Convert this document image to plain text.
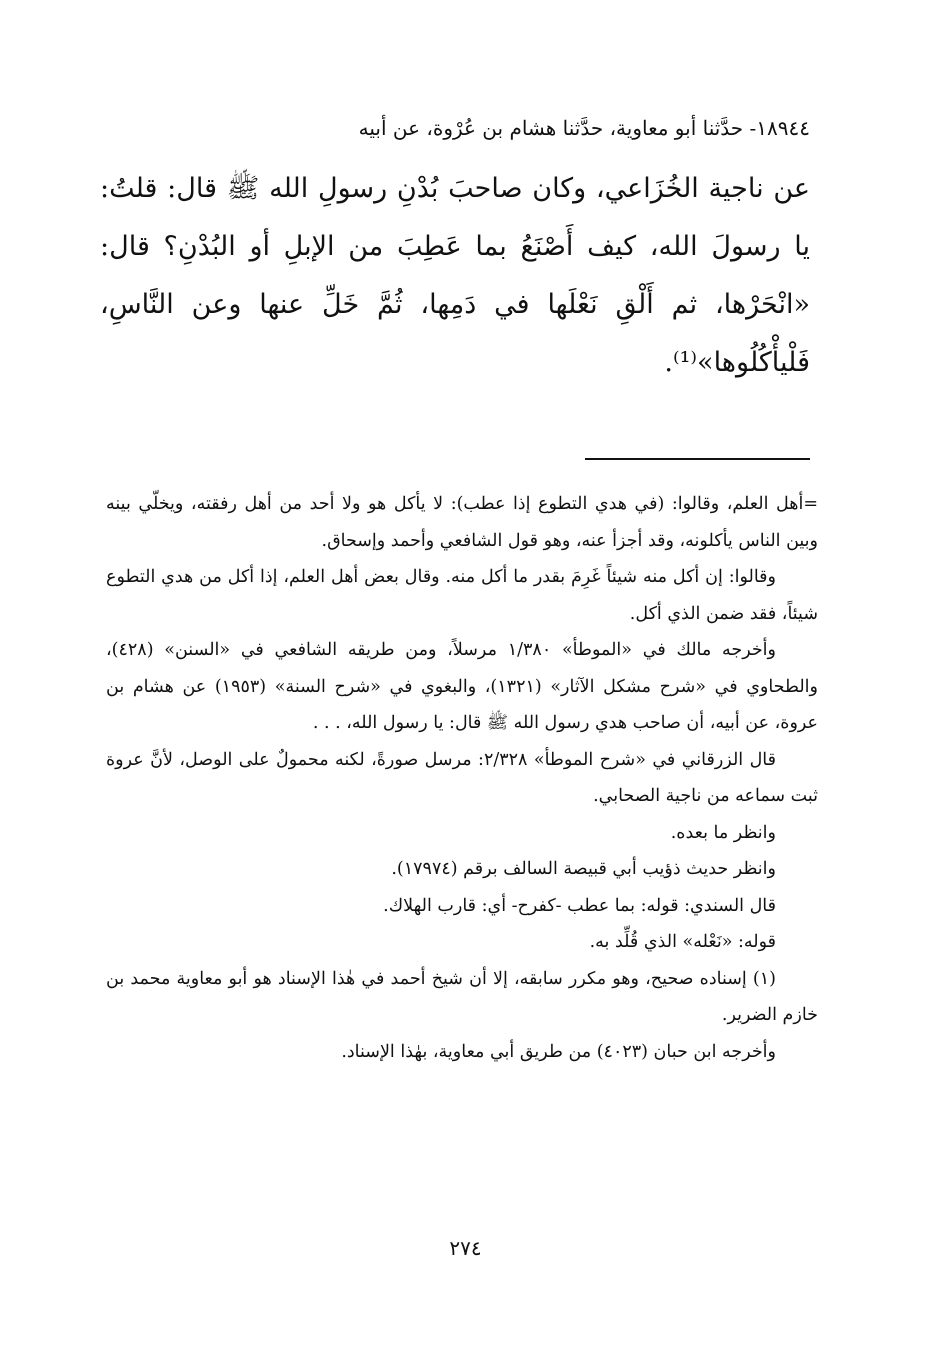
١٨٩٤٤- حدَّثنا أبو معاوية، حدَّثنا هشام بن عُرْوة، عن أبيه

عن ناجية الخُزَاعي، وكان صاحبَ بُدْنِ رسولِ الله ﷺ قال: قلتُ: يا رسولَ الله، كيف أَصْنَعُ بما عَطِبَ من الإبلِ أو البُدْنِ؟ قال: «انْحَرْها، ثم أَلْقِ نَعْلَها في دَمِها، ثُمَّ خَلِّ عنها وعن النَّاسِ، فَلْيأْكُلُوها»⁽¹⁾.

=أهل العلم، وقالوا: (في هدي التطوع إذا عطب): لا يأكل هو ولا أحد من أهل رفقته، ويخلّي بينه وبين الناس يأكلونه، وقد أجزأ عنه، وهو قول الشافعي وأحمد وإسحاق.

وقالوا: إن أكل منه شيئاً غَرِمَ بقدر ما أكل منه. وقال بعض أهل العلم، إذا أكل من هدي التطوع شيئاً، فقد ضمن الذي أكل.

وأخرجه مالك في «الموطأ» ١/٣٨٠ مرسلاً، ومن طريقه الشافعي في «السنن» (٤٢٨)، والطحاوي في «شرح مشكل الآثار» (١٣٢١)، والبغوي في «شرح السنة» (١٩٥٣) عن هشام بن عروة، عن أبيه، أن صاحب هدي رسول الله ﷺ قال: يا رسول الله، . . .

قال الزرقاني في «شرح الموطأ» ٢/٣٢٨: مرسل صورةً، لكنه محمولٌ على الوصل، لأنَّ عروة ثبت سماعه من ناجية الصحابي.

وانظر ما بعده.

وانظر حديث ذؤيب أبي قبيصة السالف برقم (١٧٩٧٤).

قال السندي: قوله: بما عطب -كفرح- أي: قارب الهلاك.

قوله: «نَعْله» الذي قُلِّد به.

(١) إسناده صحيح، وهو مكرر سابقه، إلا أن شيخ أحمد في هٰذا الإسناد هو أبو معاوية محمد بن خازم الضرير.

وأخرجه ابن حبان (٤٠٢٣) من طريق أبي معاوية، بهٰذا الإسناد.

٢٧٤
